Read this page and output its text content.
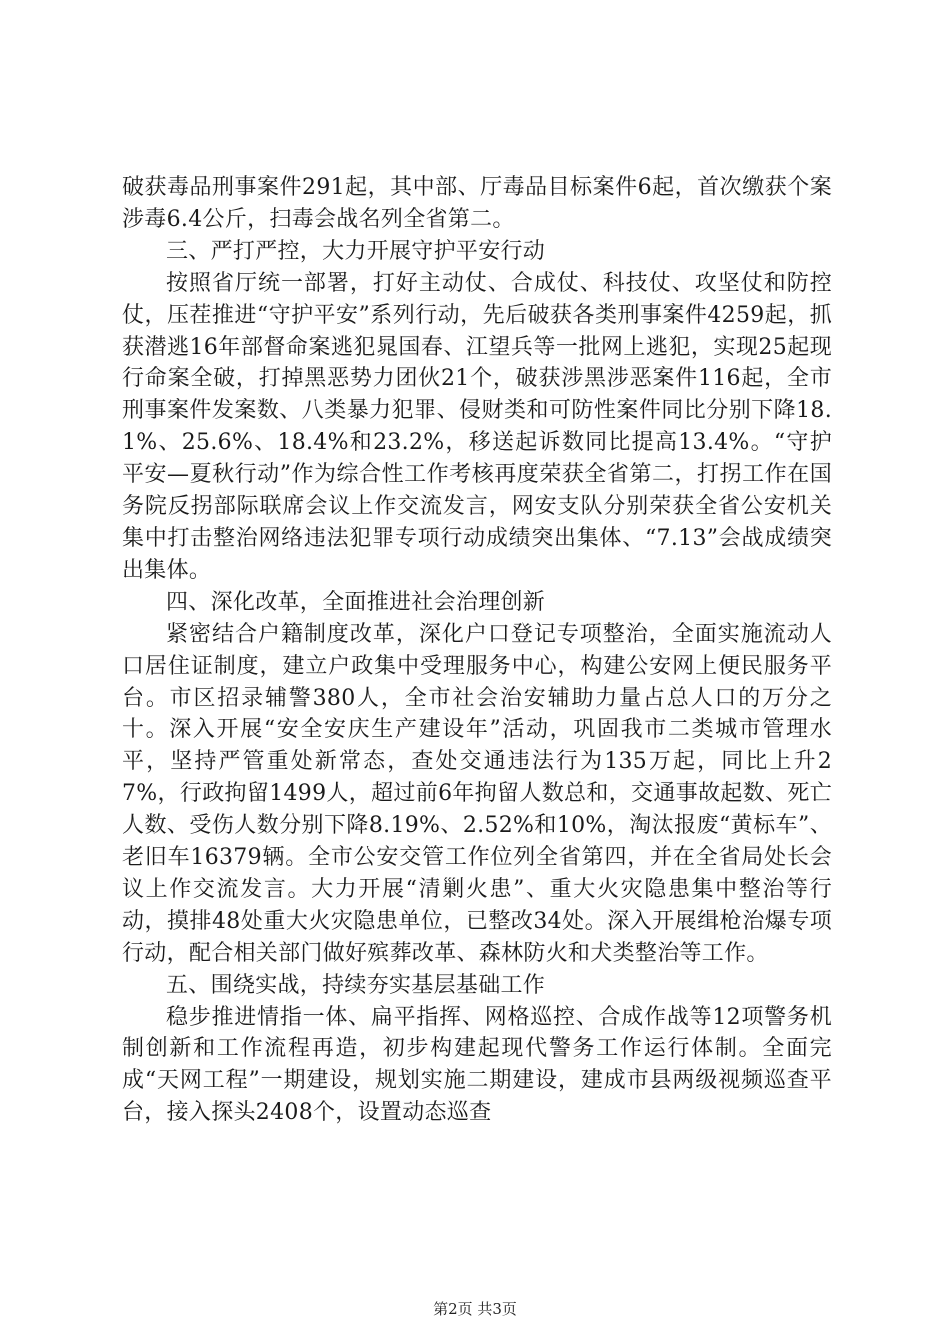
破获毒品刑事案件291起，其中部、厅毒品目标案件6起，首次缴获个案涉毒6.4公斤，扫毒会战名列全省第二。

三、严打严控，大力开展守护平安行动

按照省厅统一部署，打好主动仗、合成仗、科技仗、攻坚仗和防控仗，压茬推进“守护平安”系列行动，先后破获各类刑事案件4259起，抓获潜逃16年部督命案逃犯晁国春、江望兵等一批网上逃犯，实现25起现行命案全破，打掉黑恶势力团伙21个，破获涉黑涉恶案件116起，全市刑事案件发案数、八类暴力犯罪、侵财类和可防性案件同比分别下降18.1%、25.6%、18.4%和23.2%，移送起诉数同比提高13.4%。“守护平安—夏秋行动”作为综合性工作考核再度荣获全省第二，打拐工作在国务院反拐部际联席会议上作交流发言，网安支队分别荣获全省公安机关集中打击整治网络违法犯罪专项行动成绩突出集体、“7.13”会战成绩突出集体。

四、深化改革，全面推进社会治理创新

紧密结合户籍制度改革，深化户口登记专项整治，全面实施流动人口居住证制度，建立户政集中受理服务中心，构建公安网上便民服务平台。市区招录辅警380人，全市社会治安辅助力量占总人口的万分之十。深入开展“安全安庆生产建设年”活动，巩固我市二类城市管理水平，坚持严管重处新常态，查处交通违法行为135万起，同比上升27%，行政拘留1499人，超过前6年拘留人数总和，交通事故起数、死亡人数、受伤人数分别下降8.19%、2.52%和10%，淘汰报废“黄标车”、老旧车16379辆。全市公安交管工作位列全省第四，并在全省局处长会议上作交流发言。大力开展“清剿火患”、重大火灾隐患集中整治等行动，摸排48处重大火灾隐患单位，已整改34处。深入开展缉枪治爆专项行动，配合相关部门做好殡葬改革、森林防火和犬类整治等工作。

五、围绕实战，持续夯实基层基础工作

稳步推进情指一体、扁平指挥、网格巡控、合成作战等12项警务机制创新和工作流程再造，初步构建起现代警务工作运行体制。全面完成“天网工程”一期建设，规划实施二期建设，建成市县两级视频巡查平台，接入探头2408个，设置动态巡查

第2页 共3页
